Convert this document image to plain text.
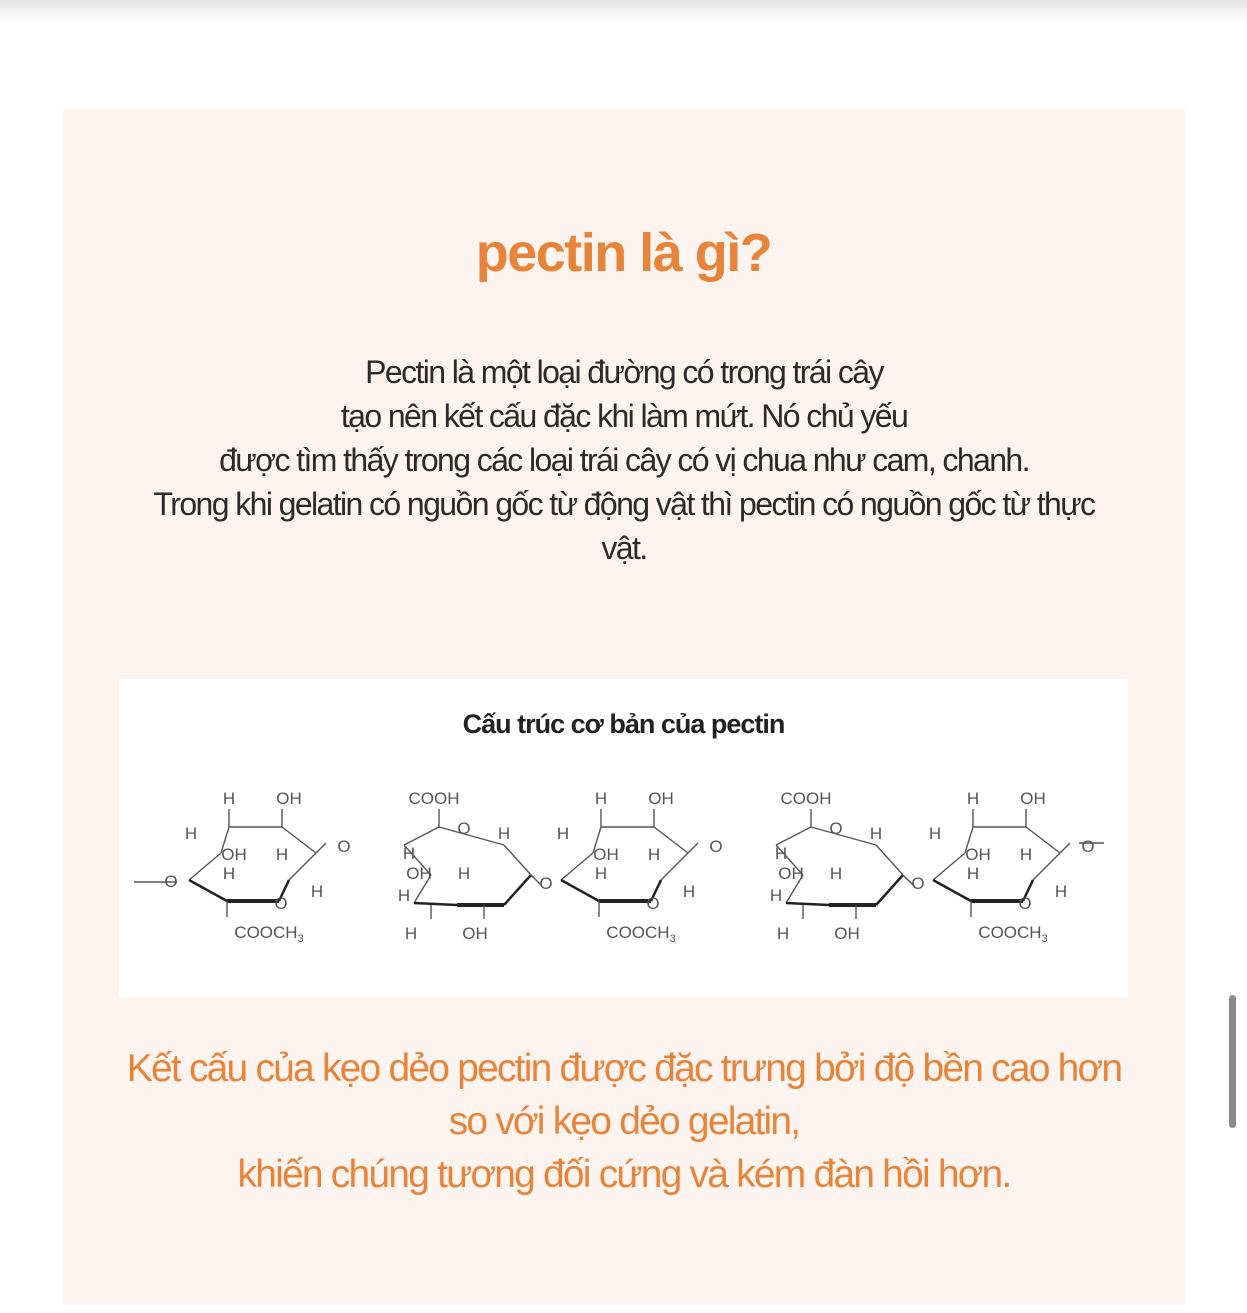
pectin là gì?
Pectin là một loại đường có trong trái cây
tạo nên kết cấu đặc khi làm mứt. Nó chủ yếu
được tìm thấy trong các loại trái cây có vị chua như cam, chanh.
Trong khi gelatin có nguồn gốc từ động vật thì pectin có nguồn gốc từ thực
vật.
Cấu trúc cơ bản của pectin
O
H OH
H
OH H
H
$COOCH_3$
H
O
O
COOH
O H
H
OH H
H
H	OH
O
H OH
H
OH H
H
$COOCH_3$
H
O
O
COOH
O H
H
OH H
H
H	OH
O
H OH
H
OH H
H
$COOCH_3$
H
O
O
Kết cấu của kẹo dẻo pectin được đặc trưng bởi độ bền cao hơn
so với kẹo dẻo gelatin,
khiến chúng tương đối cứng và kém đàn hồi hơn.
